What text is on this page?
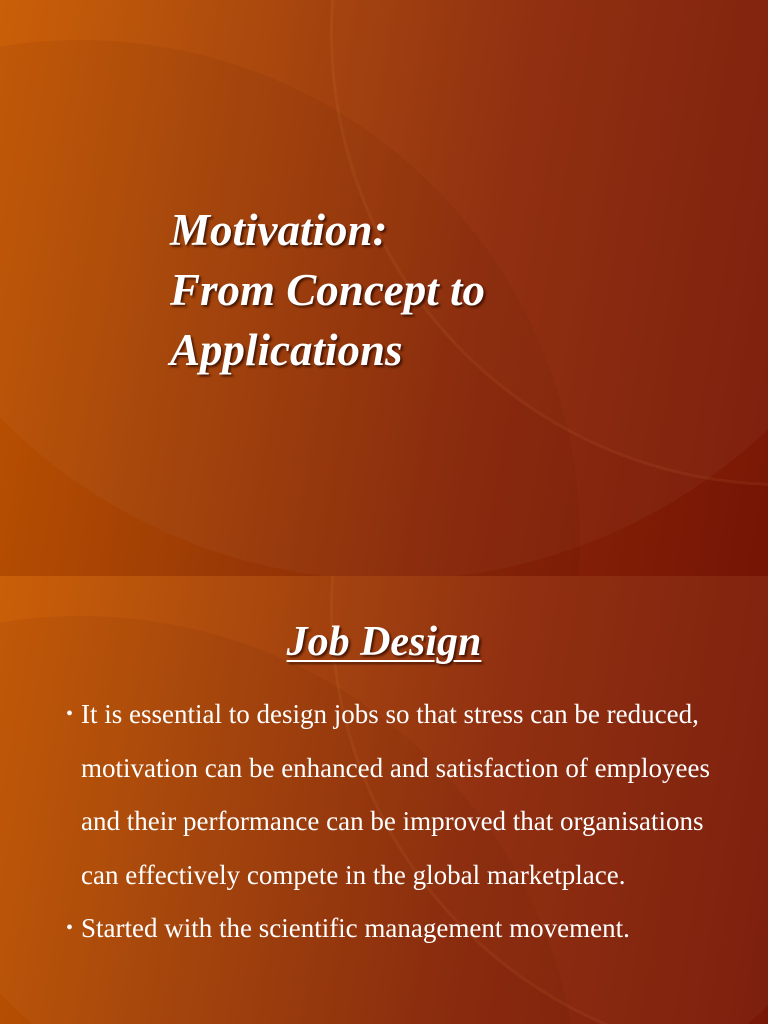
Motivation:
From Concept to
Applications
Job Design
• It is essential to design jobs so that stress can be reduced, motivation can be enhanced and satisfaction of employees and their performance can be improved that organisations can effectively compete in the global marketplace.
• Started with the scientific management movement.
